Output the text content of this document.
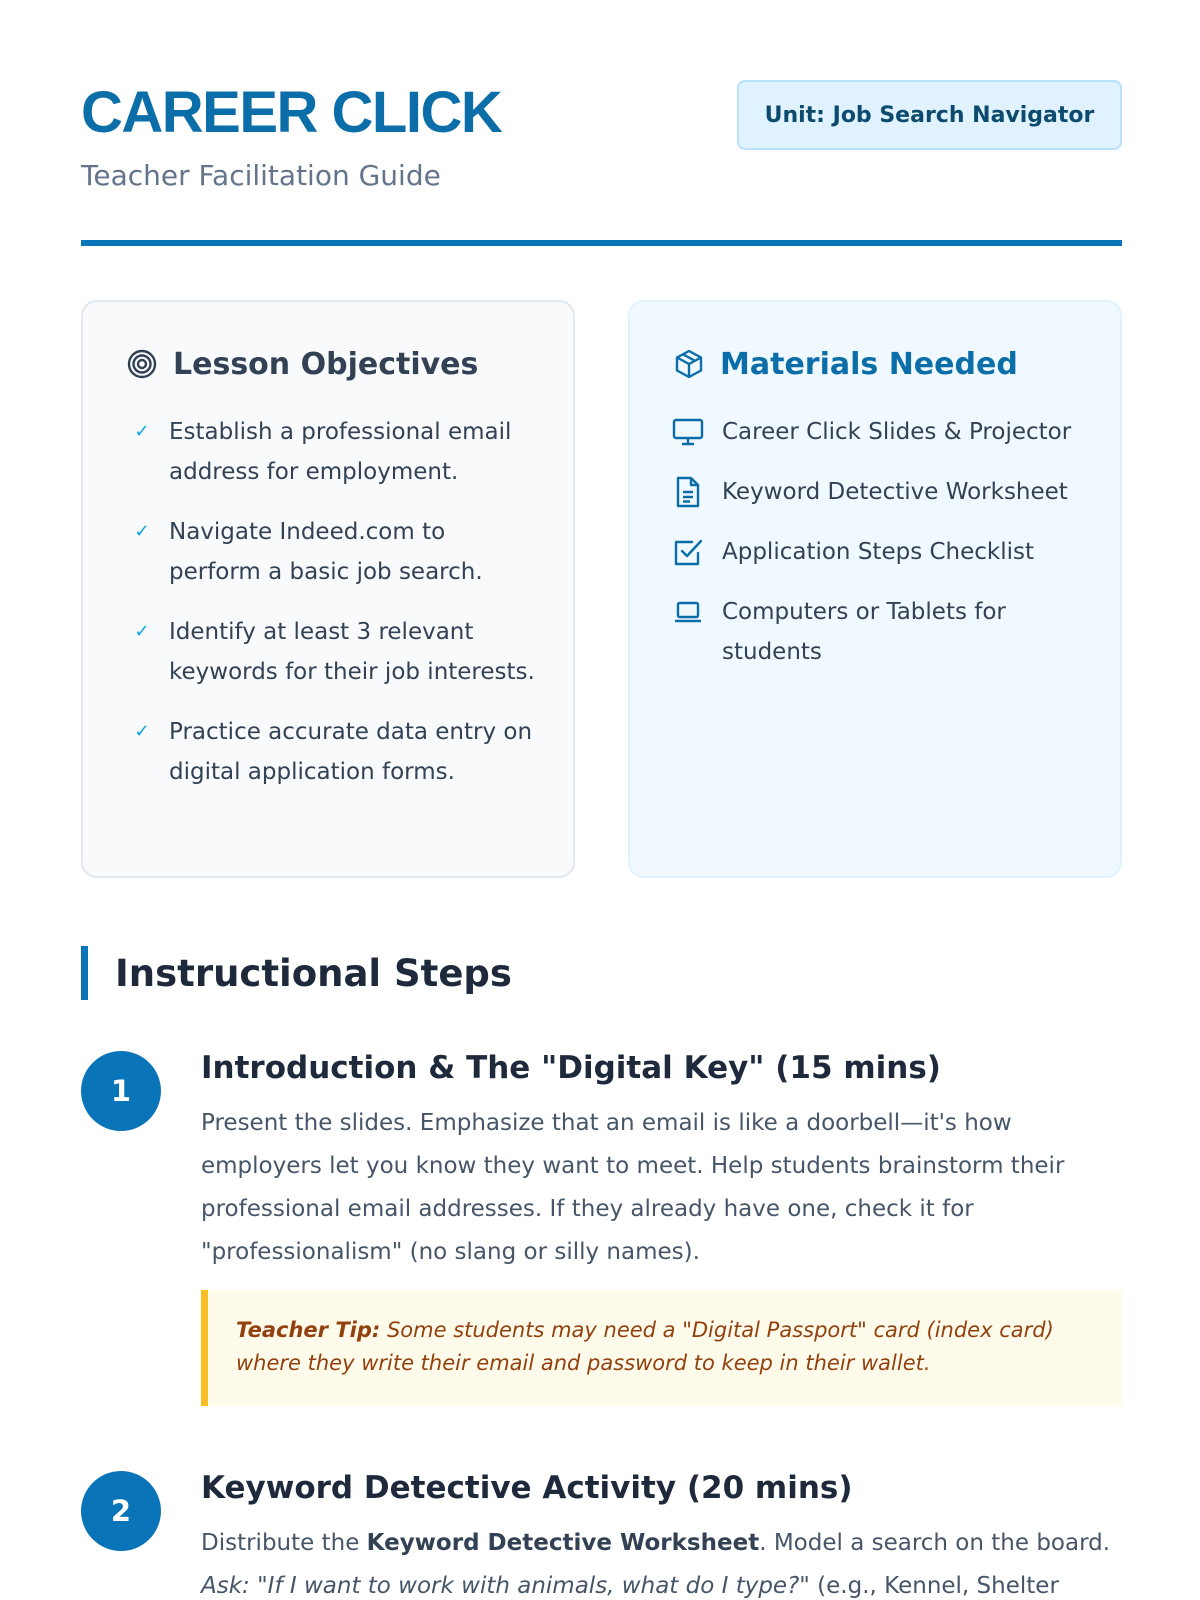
CAREER CLICK
Teacher Facilitation Guide
Unit: Job Search Navigator
Lesson Objectives
✓ Establish a professional email address for employment.
✓ Navigate Indeed.com to perform a basic job search.
✓ Identify at least 3 relevant keywords for their job interests.
✓ Practice accurate data entry on digital application forms.
Materials Needed
Career Click Slides & Projector
Keyword Detective Worksheet
Application Steps Checklist
Computers or Tablets for students
Instructional Steps
1
Introduction & The "Digital Key" (15 mins)
Present the slides. Emphasize that an email is like a doorbell—it's how employers let you know they want to meet. Help students brainstorm their professional email addresses. If they already have one, check it for "professionalism" (no slang or silly names).
Teacher Tip: Some students may need a "Digital Passport" card (index card) where they write their email and password to keep in their wallet.
2
Keyword Detective Activity (20 mins)
Distribute the Keyword Detective Worksheet. Model a search on the board. Ask: "If I want to work with animals, what do I type?" (e.g., Kennel, Shelter
